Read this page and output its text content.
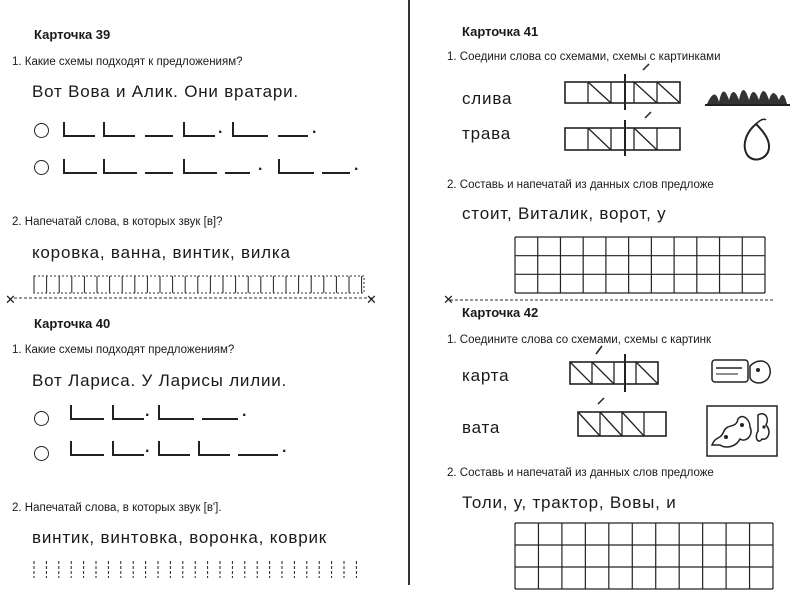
Карточка 39
1. Какие схемы подходят к предложениям?
Вот Вова и Алик. Они вратари.
.	.
.	.
2. Напечатай слова, в которых звук [в]?
коровка, ванна, винтик, вилка
✕	✕
Карточка 40
1. Какие схемы подходят предложениям?
Вот Лариса. У Ларисы лилии.
.	.
.	.
2. Напечатай слова, в которых звук [в'].
винтик, винтовка, воронка, коврик
Карточка 41
1. Соедини слова со схемами, схемы с картинками
слива
трава
2. Составь и напечатай из данных слов предложе
стоит, Виталик, ворот, у
✕
Карточка 42
1. Соедините слова со схемами, схемы с картинк
карта
вата
2. Составь и напечатай из данных слов предложе
Толи, у, трактор, Вовы, и
